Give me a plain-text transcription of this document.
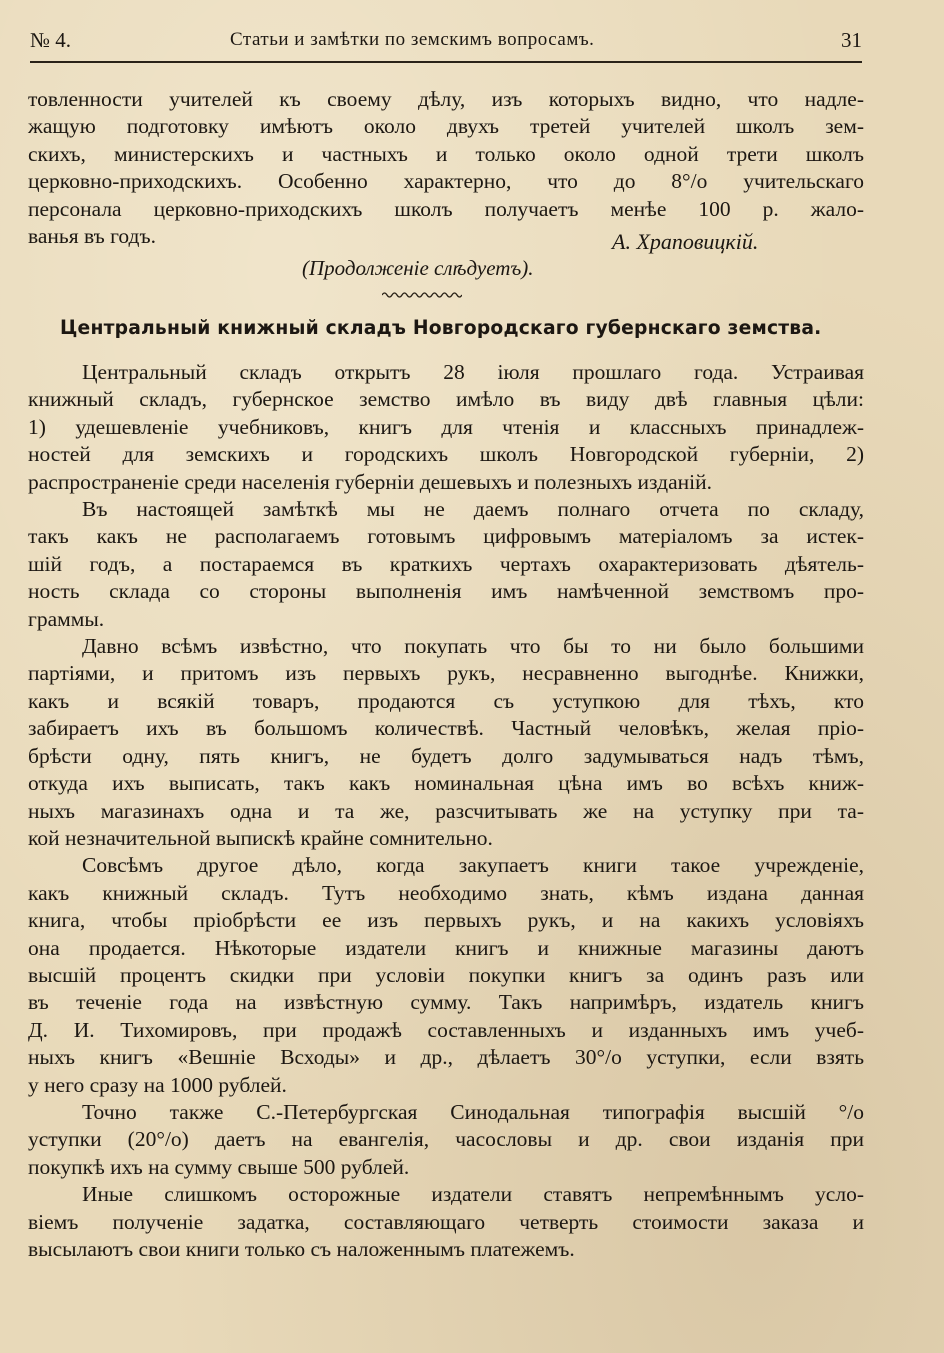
№ 4.	Статьи и замѣтки по земскимъ вопросамъ.	31

товленности учителей къ своему дѣлу, изъ которыхъ видно, что надле-

жащую подготовку имѣютъ около двухъ третей учителей школъ зем-

скихъ, министерскихъ и частныхъ и только около одной трети школъ

церковно-приходскихъ. Особенно характерно, что до 8°/о учительскаго

персонала церковно-приходскихъ школъ получаетъ менѣе 100 р. жало-

ванья въ годъ.	А. Храповицкій.
(Продолженіе слѣдуетъ).
Центральный книжный складъ Новгородскаго губернскаго земства.

Центральный складъ открытъ 28 іюля прошлаго года. Устраивая

книжный складъ, губернское земство имѣло въ виду двѣ главныя цѣли:

1) удешевленіе учебниковъ, книгъ для чтенія и классныхъ принадлеж-

ностей для земскихъ и городскихъ школъ Новгородской губерніи, 2)

распространеніе среди населенія губерніи дешевыхъ и полезныхъ изданій.

Въ настоящей замѣткѣ мы не даемъ полнаго отчета по складу,

такъ какъ не располагаемъ готовымъ цифровымъ матеріаломъ за истек-

шій годъ, а постараемся въ краткихъ чертахъ охарактеризовать дѣятель-

ность склада со стороны выполненія имъ намѣченной земствомъ про-

граммы.

Давно всѣмъ извѣстно, что покупать что бы то ни было большими

партіями, и притомъ изъ первыхъ рукъ, несравненно выгоднѣе. Книжки,

какъ и всякій товаръ, продаются съ уступкою для тѣхъ, кто

забираетъ ихъ въ большомъ количествѣ. Частный человѣкъ, желая пріо-

брѣсти одну, пять книгъ, не будетъ долго задумываться надъ тѣмъ,

откуда ихъ выписать, такъ какъ номинальная цѣна имъ во всѣхъ книж-

ныхъ магазинахъ одна и та же, разсчитывать же на уступку при та-

кой незначительной выпискѣ крайне сомнительно.

Совсѣмъ другое дѣло, когда закупаетъ книги такое учрежденіе,

какъ книжный складъ. Тутъ необходимо знать, кѣмъ издана данная

книга, чтобы пріобрѣсти ее изъ первыхъ рукъ, и на какихъ условіяхъ

она продается. Нѣкоторые издатели книгъ и книжные магазины даютъ

высшій процентъ скидки при условіи покупки книгъ за одинъ разъ или

въ теченіе года на извѣстную сумму. Такъ напримѣръ, издатель книгъ

Д. И. Тихомировъ, при продажѣ составленныхъ и изданныхъ имъ учеб-

ныхъ книгъ «Вешніе Всходы» и др., дѣлаетъ 30°/о уступки, если взять

у него сразу на 1000 рублей.

Точно также С.-Петербургская Синодальная типографія высшій °/о

уступки (20°/о) даетъ на евангелія, часословы и др. свои изданія при

покупкѣ ихъ на сумму свыше 500 рублей.

Иные слишкомъ осторожные издатели ставятъ непремѣннымъ усло-

віемъ полученіе задатка, составляющаго четверть стоимости заказа и

высылаютъ свои книги только съ наложеннымъ платежемъ.
